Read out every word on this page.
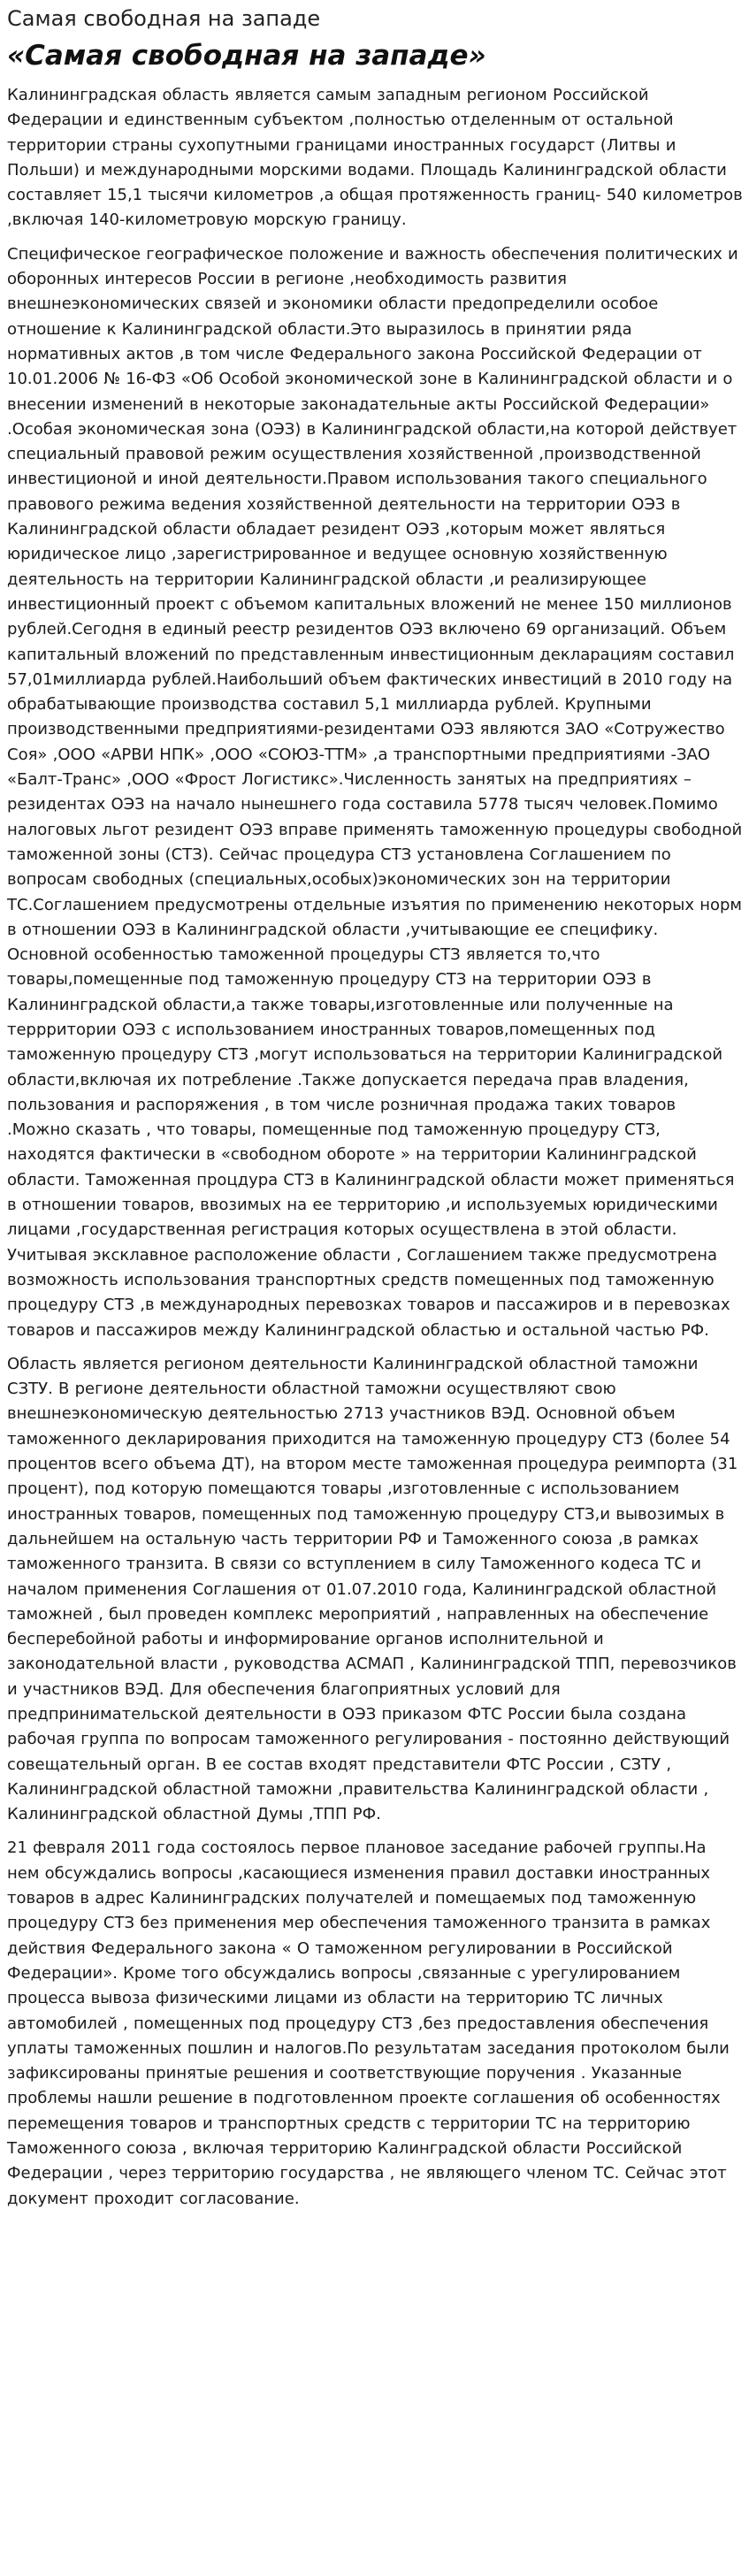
Самая свободная на западе
«Самая свободная на западе»

Калининградская область является самым западным регионом Российской Федерации и единственным субъектом ,полностью отделенным от остальной территории страны сухопутными границами иностранных государст (Литвы и Польши) и международными морскими водами. Площадь Калининградской области составляет 15,1 тысячи километров ,а общая протяженность границ- 540 километров ,включая 140-километровую морскую границу.

Специфическое географическое положение и важность обеспечения политических и оборонных интересов России в регионе ,необходимость развития внешнеэкономических связей и экономики области предопределили особое отношение к Калининградской области.Это выразилось в принятии ряда нормативных актов ,в том числе Федерального закона Российской Федерации от 10.01.2006 № 16-ФЗ «Об Особой экономической зоне в Калининградской области и о внесении изменений в некоторые законадательные акты Российской Федерации» .Особая экономическая зона (ОЭЗ) в Калининградской области,на которой действует специальный правовой режим осуществления хозяйственной ,производственной инвестиционой и иной деятельности.Правом использования такого специального правового режима ведения хозяйственной деятельности на территории ОЭЗ в Калининградской области обладает резидент ОЭЗ ,которым может являться юридическое лицо ,зарегистрированное и ведущее основную хозяйственную деятельность на территории Калининградской области ,и реализирующее инвестиционный проект с объемом капитальных вложений не менее 150 миллионов рублей.Сегодня в единый реестр резидентов ОЭЗ включено 69 организаций. Объем капитальный вложений по представленным инвестиционным декларациям составил 57,01миллиарда рублей.Наибольший объем фактических инвестиций в 2010 году на обрабатывающие производства составил 5,1 миллиарда рублей. Крупными производственными предприятиями-резидентами ОЭЗ являются ЗАО «Сотружество Соя» ,ООО «АРВИ НПК» ,ООО «СОЮЗ-ТТМ» ,а транспортными предприятиями -ЗАО «Балт-Транс» ,ООО «Фрост Логистикс».Численность занятых на предприятиях – резидентах ОЭЗ на начало нынешнего года составила 5778 тысяч человек.Помимо налоговых льгот резидент ОЭЗ вправе применять таможенную процедуры свободной таможенной зоны (СТЗ). Сейчас процедура СТЗ установлена Соглашением по вопросам свободных (специальных,особых)экономических зон на территории ТС.Соглашением предусмотрены отдельные изъятия по применению некоторых норм в отношении ОЭЗ в Калининградской области ,учитывающие ее специфику. Основной особенностью таможенной процедуры СТЗ является то,что товары,помещенные под таможенную процедуру СТЗ на территории ОЭЗ в Калининградской области,а также товары,изготовленные или полученные на терpритории ОЭЗ с использованием иностранных товаров,помещенных под таможенную процедуру СТЗ ,могут использоваться на территории Калиниградской области,включая их потребление .Также допускается передача прав владения, пользования и распоряжения , в том числе розничная продажа таких товаров .Можно сказать , что товары, помещенные под таможенную процедуру СТЗ, находятся фактически в «свободном обороте » на территории Калининградской области. Таможенная процдура СТЗ в Калининградской области может применяться в отношении товаров, ввозимых на ее территорию ,и используемых юридическими лицами ,государственная регистрация которых осуществлена в этой области. Учитывая эксклавное расположение области , Соглашением также предусмотрена возможность использования транспортных средств помещенных под таможенную процедуру СТЗ ,в международных перевозках товаров и пассажиров и в перевозках товаров и пассажиров между Калининградской областью и остальной частью РФ.

Область является регионом деятельности Калининградской областной таможни СЗТУ. В регионе деятельности областной таможни осуществляют свою внешнеэкономическую деятельностью 2713 участников ВЭД. Основной объем таможенного декларирования приходится на таможенную процедуру СТЗ (более 54 процентов всего объема ДТ), на втором месте таможенная процедура реимпорта (31 процент), под которую помещаются товары ,изготовленные с использованием иностранных товаров, помещенных под таможенную процедуру СТЗ,и вывозимых в дальнейшем на остальную часть территории РФ и Таможенного союза ,в рамках таможенного транзита. В связи со вступлением в силу Таможенного кодеса ТС и началом применения Соглашения от 01.07.2010 года, Калининградской областной таможней , был проведен комплекс мероприятий , направленных на обеспечение бесперебойной работы и информирование органов исполнительной и законодательной власти , руководства АСМАП , Калининградской ТПП, перевозчиков и участников ВЭД. Для обеспечения благоприятных условий для предпринимательской деятельности в ОЭЗ приказом ФТС России была создана рабочая группа по вопросам таможенного регулирования - постоянно действующий совещательный орган. В ее состав входят представители ФТС России , СЗТУ , Калининградской областной таможни ,правительства Калининградской области , Калининградской областной Думы ,ТПП РФ.

21 февраля 2011 года состоялось первое плановое заседание рабочей группы.На нем обсуждались вопросы ,касающиеся изменения правил доставки иностранных товаров в адрес Калининградских получателей и помещаемых под таможенную процедуру СТЗ без применения мер обеспечения таможенного транзита в рамках действия Федерального закона « О таможенном регулировании в Российской Федерации». Кроме того обсуждались вопросы ,связанные с урегулированием процесса вывоза физическими лицами из области на территорию ТС личных автомобилей , помещенных под процедуру СТЗ ,без предоставления обеспечения уплаты таможенных пошлин и налогов.По результатам заседания протоколом были зафиксированы принятые решения и соответствующие поручения . Указанные проблемы нашли решение в подготовленном проекте соглашения об особенностях перемещения товаров и транспортных средств с территории ТС на территорию Таможенного союза , включая территорию Калинградской области Российской Федерации , через территорию государства , не являющего членом ТС. Сейчас этот документ проходит согласование.
